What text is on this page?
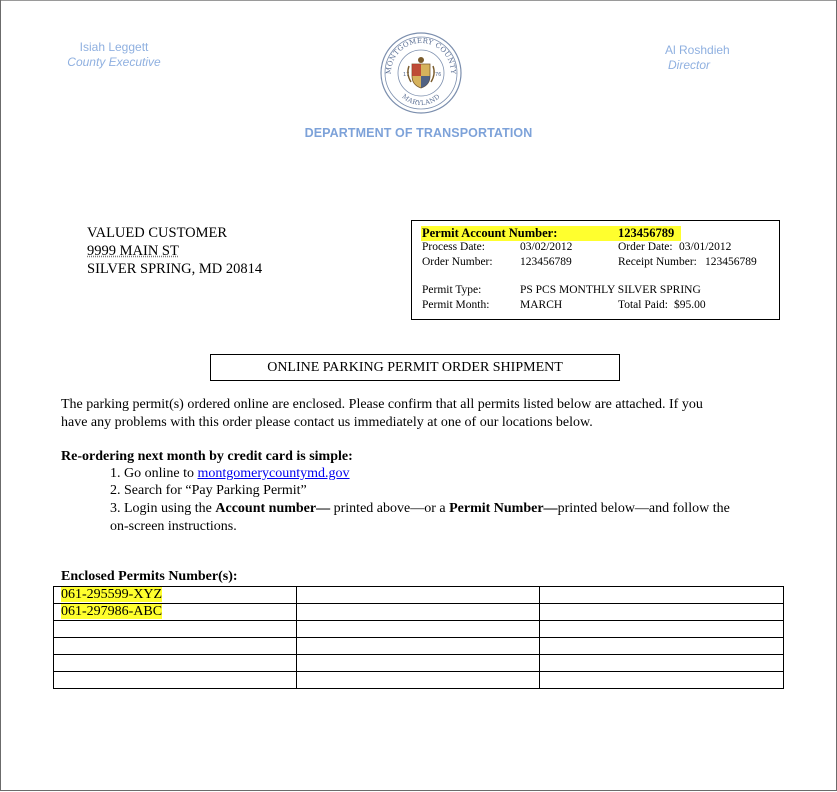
Isiah Leggett
County Executive
MONTGOMERY COUNTY
MARYLAND
17	76
Al Roshdieh
Director
DEPARTMENT OF TRANSPORTATION
VALUED CUSTOMER
9999 MAIN ST
SILVER SPRING, MD 20814
Permit Account Number:	123456789
Process Date:	03/02/2012	Order Date: 03/01/2012
Order Number: 123456789	Receipt Number: 123456789
Permit Type:	PS PCS MONTHLY SILVER SPRING
Permit Month:	MARCH	Total Paid: $95.00
ONLINE PARKING PERMIT ORDER SHIPMENT
The parking permit(s) ordered online are enclosed. Please confirm that all permits listed below are attached. If you
have any problems with this order please contact us immediately at one of our locations below.
Re-ordering next month by credit card is simple:
1. Go online to montgomerycountymd.gov
2. Search for “Pay Parking Permit”
3. Login using the Account number— printed above—or a Permit Number—printed below—and follow the
on-screen instructions.
Enclosed Permits Number(s):
061-295599-XYZ		
061-297986-ABC		
